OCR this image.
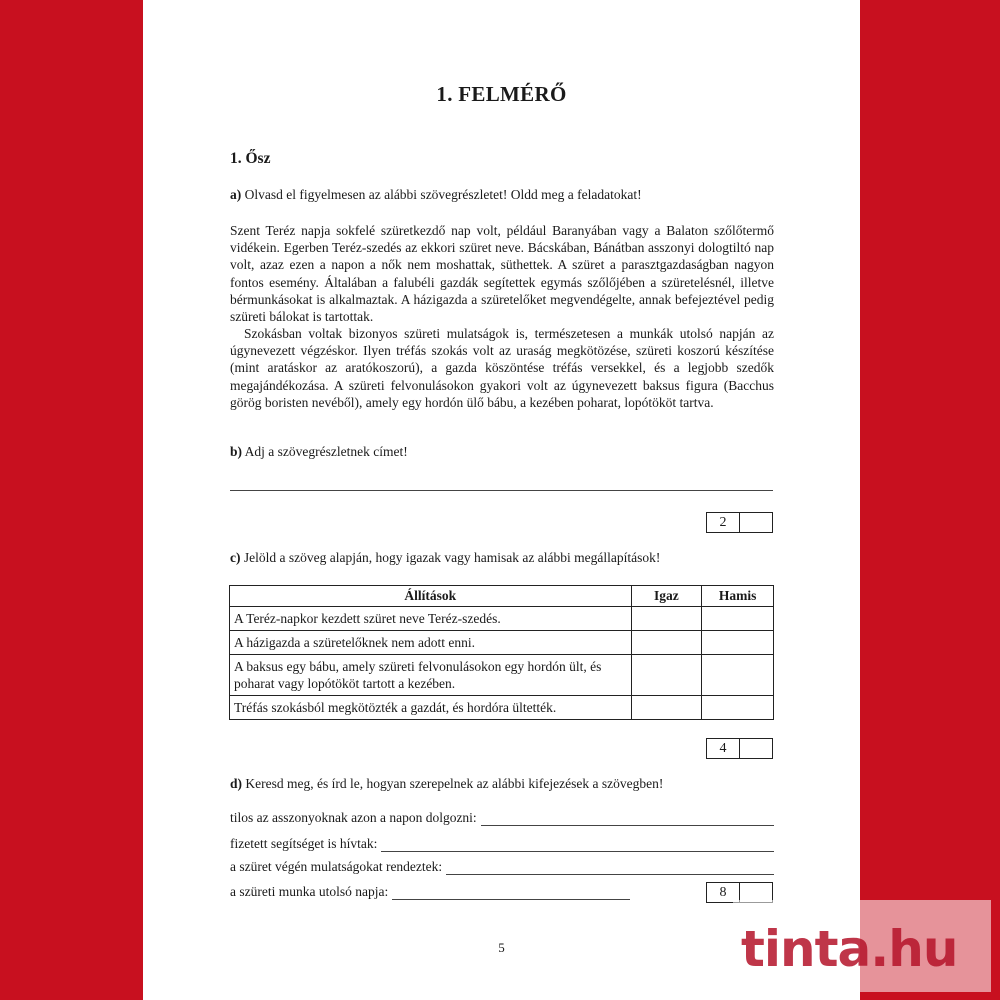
1. FELMÉRŐ
1. Ősz
a) Olvasd el figyelmesen az alábbi szövegrészletet! Oldd meg a feladatokat!

Szent Teréz napja sokfelé szüretkezdő nap volt, például Baranyában vagy a Balaton szőlőtermő vidékein. Egerben Teréz-szedés az ekkori szüret neve. Bácskában, Bánátban asszonyi dologtiltó nap volt, azaz ezen a napon a nők nem moshattak, süthettek. A szüret a parasztgazdaságban nagyon fontos esemény. Általában a falubéli gazdák segítettek egymás szőlőjében a szüretelésnél, illetve bérmunkásokat is alkalmaztak. A házigazda a szüretelőket megvendégelte, annak befejeztével pedig szüreti bálokat is tartottak.

Szokásban voltak bizonyos szüreti mulatságok is, természetesen a munkák utolsó napján az úgynevezett végzéskor. Ilyen tréfás szokás volt az uraság megkötözése, szüreti koszorú készítése (mint aratáskor az aratókoszorú), a gazda köszöntése tréfás versekkel, és a legjobb szedők megajándékozása. A szüreti felvonulásokon gyakori volt az úgynevezett baksus figura (Bacchus görög boristen nevéből), amely egy hordón ülő bábu, a kezében poharat, lopótököt tartva.

b) Adj a szövegrészletnek címet!
2
c) Jelöld a szöveg alapján, hogy igazak vagy hamisak az alábbi megállapítások!
Állítások	Igaz	Hamis
A Teréz-napkor kezdett szüret neve Teréz-szedés.		
A házigazda a szüretelőknek nem adott enni.		
A baksus egy bábu, amely szüreti felvonulásokon egy hordón ült, és poharat vagy lopótököt tartott a kezében.		
Tréfás szokásból megkötözték a gazdát, és hordóra ültették.		
4
d) Keresd meg, és írd le, hogyan szerepelnek az alábbi kifejezések a szövegben!
tilos az asszonyoknak azon a napon dolgozni:
fizetett segítséget is hívtak:
a szüret végén mulatságokat rendeztek:
a szüreti munka utolsó napja:	8
5	tinta.hu
